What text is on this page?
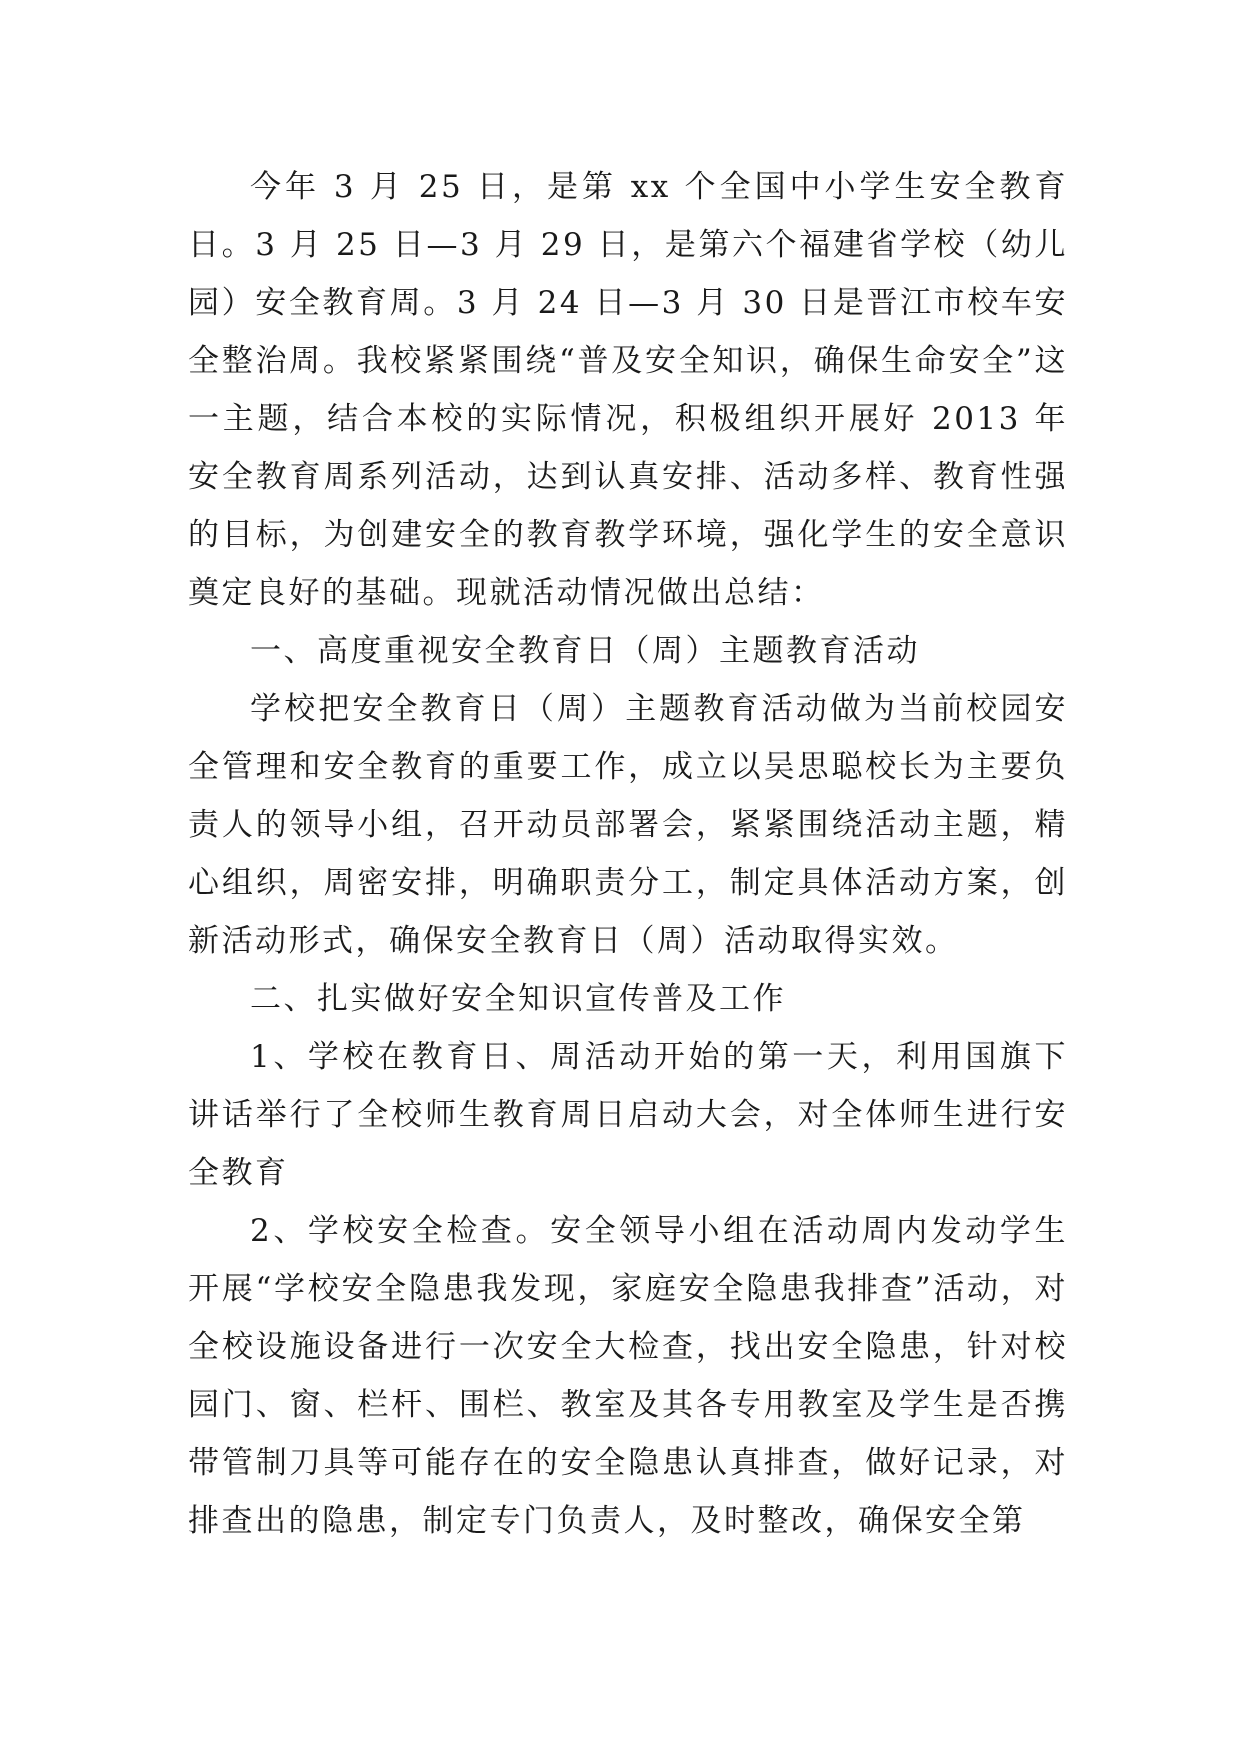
今年 3 月 25 日，是第 xx 个全国中小学生安全教育日。3 月 25 日—3 月 29 日，是第六个福建省学校（幼儿园）安全教育周。3 月 24 日—3 月 30 日是晋江市校车安全整治周。我校紧紧围绕“普及安全知识，确保生命安全”这一主题，结合本校的实际情况，积极组织开展好 2013 年安全教育周系列活动，达到认真安排、活动多样、教育性强的目标，为创建安全的教育教学环境，强化学生的安全意识奠定良好的基础。现就活动情况做出总结：

一、高度重视安全教育日（周）主题教育活动

学校把安全教育日（周）主题教育活动做为当前校园安全管理和安全教育的重要工作，成立以吴思聪校长为主要负责人的领导小组，召开动员部署会，紧紧围绕活动主题，精心组织，周密安排，明确职责分工，制定具体活动方案，创新活动形式，确保安全教育日（周）活动取得实效。

二、扎实做好安全知识宣传普及工作

1、学校在教育日、周活动开始的第一天，利用国旗下讲话举行了全校师生教育周日启动大会，对全体师生进行安全教育

2、学校安全检查。安全领导小组在活动周内发动学生开展“学校安全隐患我发现，家庭安全隐患我排查”活动，对全校设施设备进行一次安全大检查，找出安全隐患，针对校园门、窗、栏杆、围栏、教室及其各专用教室及学生是否携带管制刀具等可能存在的安全隐患认真排查，做好记录，对排查出的隐患，制定专门负责人，及时整改，确保安全第
